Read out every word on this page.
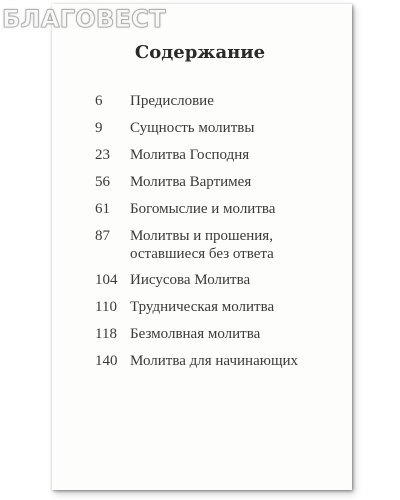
БЛАГОВЕСТ
Содержание
6	Предисловие
9	Сущность молитвы
23	Молитва Господня
56	Молитва Вартимея
61	Богомыслие и молитва
87	Молитвы и прошения,
оставшиеся без ответа
104 Иисусова Молитва
110 Трудническая молитва
118 Безмолвная молитва
140 Молитва для начинающих
